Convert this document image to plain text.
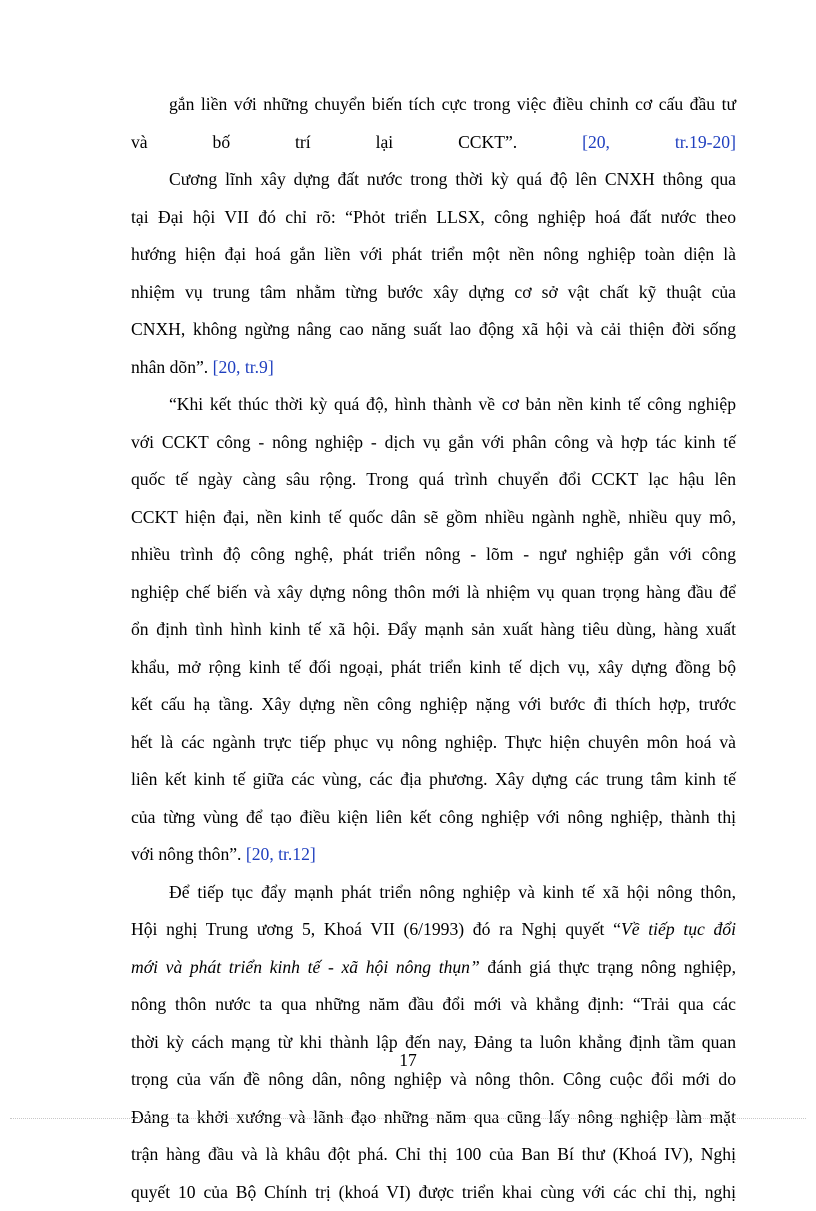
gắn liền với những chuyển biến tích cực trong việc điều chỉnh cơ cấu đầu tư
và	bố	trí	lại	CCKT”.	[20,	tr.19-20]
Cương lĩnh xây dựng đất nước trong thời kỳ quá độ lên CNXH thông qua
tại Đại hội VII đó chỉ rõ: “Phỏt triển LLSX, công nghiệp hoá đất nước theo
hướng hiện đại hoá gắn liền với phát triển một nền nông nghiệp toàn diện là
nhiệm vụ trung tâm nhằm từng bước xây dựng cơ sở vật chất kỹ thuật của
CNXH, không ngừng nâng cao năng suất lao động xã hội và cải thiện đời sống
nhân dõn”. [20, tr.9]
“Khi kết thúc thời kỳ quá độ, hình thành về cơ bản nền kinh tế công nghiệp
với CCKT công - nông nghiệp - dịch vụ gắn với phân công và hợp tác kinh tế
quốc tế ngày càng sâu rộng. Trong quá trình chuyển đổi CCKT lạc hậu lên
CCKT hiện đại, nền kinh tế quốc dân sẽ gồm nhiều ngành nghề, nhiều quy mô,
nhiều trình độ công nghệ, phát triển nông - lõm - ngư nghiệp gắn với công
nghiệp chế biến và xây dựng nông thôn mới là nhiệm vụ quan trọng hàng đầu để
ổn định tình hình kinh tế xã hội. Đẩy mạnh sản xuất hàng tiêu dùng, hàng xuất
khẩu, mở rộng kinh tế đối ngoại, phát triển kinh tế dịch vụ, xây dựng đồng bộ
kết cấu hạ tầng. Xây dựng nền công nghiệp nặng với bước đi thích hợp, trước
hết là các ngành trực tiếp phục vụ nông nghiệp. Thực hiện chuyên môn hoá và
liên kết kinh tế giữa các vùng, các địa phương. Xây dựng các trung tâm kinh tế
của từng vùng để tạo điều kiện liên kết công nghiệp với nông nghiệp, thành thị
với nông thôn”. [20, tr.12]
Để tiếp tục đẩy mạnh phát triển nông nghiệp và kinh tế xã hội nông thôn,
Hội nghị Trung ương 5, Khoá VII (6/1993) đó ra Nghị quyết “Về tiếp tục đổi
mới và phát triển kinh tế - xã hội nông thụn” đánh giá thực trạng nông nghiệp,
nông thôn nước ta qua những năm đầu đổi mới và khẳng định: “Trải qua các
thời kỳ cách mạng từ khi thành lập đến nay, Đảng ta luôn khẳng định tầm quan
trọng của vấn đề nông dân, nông nghiệp và nông thôn. Công cuộc đổi mới do
Đảng ta khởi xướng và lãnh đạo những năm qua cũng lấy nông nghiệp làm mặt
trận hàng đầu và là khâu đột phá. Chỉ thị 100 của Ban Bí thư (Khoá IV), Nghị
quyết 10 của Bộ Chính trị (khoá VI) được triển khai cùng với các chỉ thị, nghị
17
